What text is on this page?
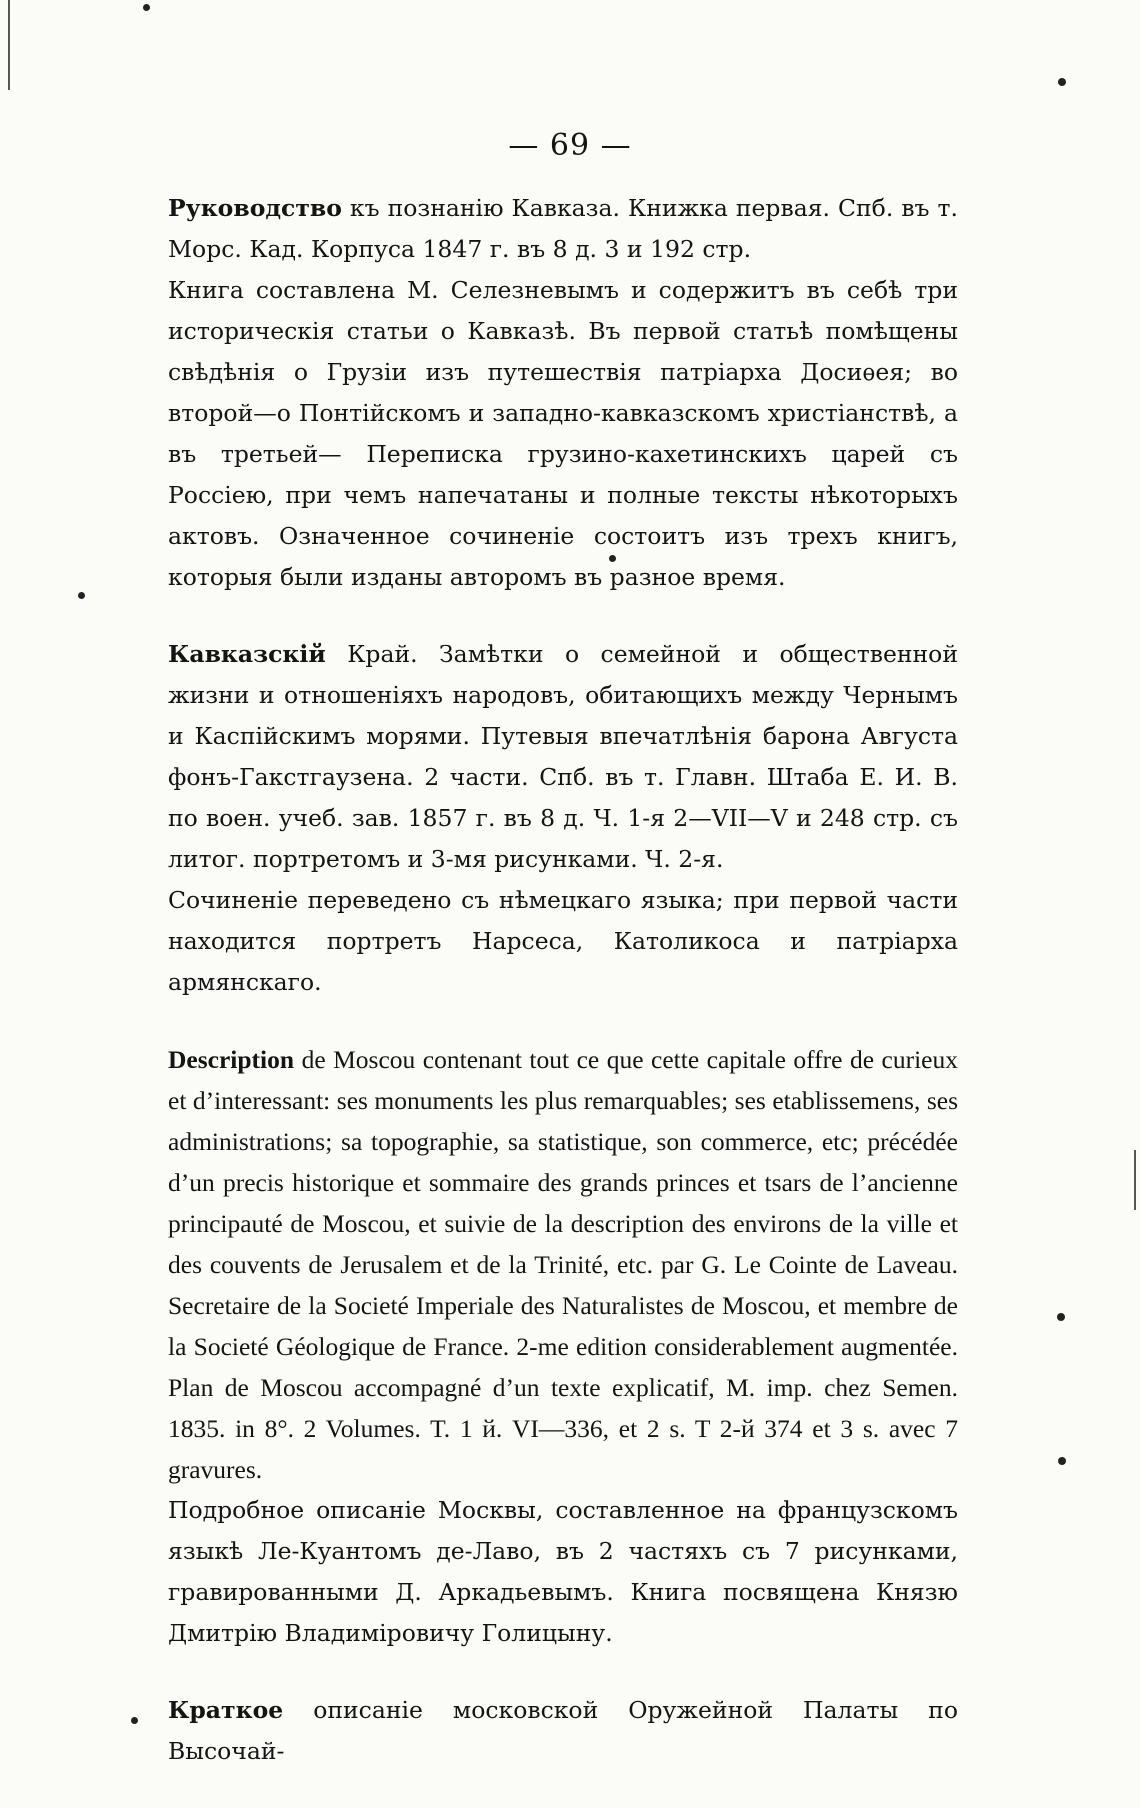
— 69 —

Руководство къ познанію Кавказа. Книжка первая. Спб. въ т. Морс. Кад. Корпуса 1847 г. въ 8 д. 3 и 192 стр.

Книга составлена М. Селезневымъ и содержитъ въ себѣ три историческія статьи о Кавказѣ. Въ первой статьѣ помѣщены свѣдѣнія о Грузіи изъ путешествія патріарха Досиѳея; во второй—о Понтійскомъ и западно-кавказскомъ христіанствѣ, а въ третьей— Переписка грузино-кахетинскихъ царей съ Россіею, при чемъ напечатаны и полные тексты нѣкоторыхъ актовъ. Означенное сочиненіе состоитъ изъ трехъ книгъ, которыя были изданы авторомъ въ разное время.

Кавказскій Край. Замѣтки о семейной и общественной жизни и отношеніяхъ народовъ, обитающихъ между Чернымъ и Каспійскимъ морями. Путевыя впечатлѣнія барона Августа фонъ-Гакстгаузена. 2 части. Спб. въ т. Главн. Штаба Е. И. В. по воен. учеб. зав. 1857 г. въ 8 д. Ч. 1-я 2—VII—V и 248 стр. съ литог. портретомъ и 3-мя рисунками. Ч. 2-я.

Сочиненіе переведено съ нѣмецкаго языка; при первой части находится портретъ Нарсеса, Католикоса и патріарха армянскаго.

Description de Moscou contenant tout ce que cette capitale offre de curieux et d’interessant: ses monuments les plus remarquables; ses etablissemens, ses administrations; sa topographie, sa statistique, son commerce, etc; précédée d’un precis historique et sommaire des grands princes et tsars de l’ancienne principauté de Moscou, et suivie de la description des environs de la ville et des couvents de Jerusalem et de la Trinité, etc. par G. Le Cointe de Laveau. Secretaire de la Societé Imperiale des Naturalistes de Moscou, et membre de la Societé Géologique de France. 2-me edition considerablement augmentée. Plan de Moscou accompagné d’un texte explicatif, M. imp. chez Semen. 1835. in 8°. 2 Volumes. T. 1 й. VI—336, et 2 s. T 2-й 374 et 3 s. avec 7 gravures.

Подробное описаніе Москвы, составленное на французскомъ языкѣ Ле-Куантомъ де-Лаво, въ 2 частяхъ съ 7 рисунками, гравированными Д. Аркадьевымъ. Книга посвящена Князю Дмитрію Владиміровичу Голицыну.

Краткое описаніе московской Оружейной Палаты по Высочай-
